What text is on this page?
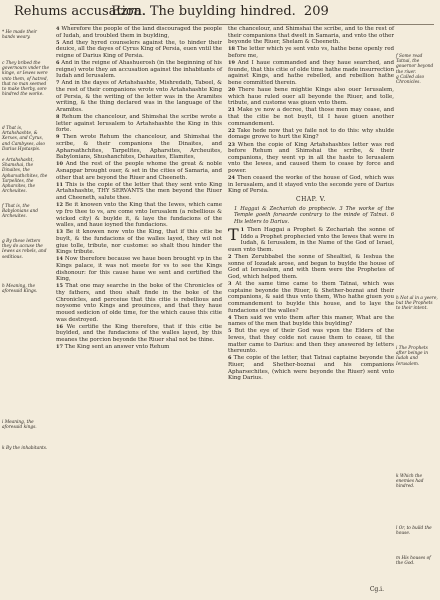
Rehums accusation.
Ezra. The buylding hindred. 209
* He made their hands weary.
c They bribed the governours vnder the kinge, or Iewes were vnto them, of hatred, that no man seemed to make therby, sore hindred the worke.
d That is, Artahshashte, & Xerxes, and Cyrus, and Cambyses, also Darius Hystaspis.
e Artahshasht, Shamshai, the Dinaites, the Apharsathchites, the Tarpelites, the Apharsites, the Archeuites.
f That is, the Babylonians and Archeuites.
g By these letters they do accuse the Iewes as rebels, and seditious.
h Meaning, the aforesaid Kings.
i Meaning, the aforesaid kings.
k By the inhabitants.
f Some read Tatnai, the gouernor beyond the riuer.
g Called also Chronicles.
h Not al in a yeere, but the Prophets to their intent.
i The Prophets after beinge in Iudah and Ierusalem.
k Which the enemies had hindred.
l Or, to build the house.
m His houses of the God.
4 Wherefore the people of the land discouraged the people of Iudah, and troubled them in buylding,
5 And they hyred counselers against the, to hinder their deuice, all the dayes of Cyrus King of Persia, euen vntil the reigne of Darius King of Persia.
6 And in the reigne of Ahashuerosh (in the beginning of his reigne) wrote they an accusation against the inhabitants of Iudah and Ierusalem.
7 And in the dayes of Artahshashte, Mishredath, Tabeel, & the rest of their companions wrote vnto Artahshashte King of Persia, & the writing of the letter was in the Aramites writing, & the thing declared was in the language of the Aramites.
8 Rehum the chancelour, and Shimshai the scribe wrote a letter against Ierusalem to Artahshashte the King in this forte.
9 Then wrote Rehum the chancelour, and Shimshai the scribe, & their companions the Dinaites, and Apharsathchites, Tarpelites, Apharsites, Archeuites, Babylonians, Shushanchites, Dehauites, Elamites,
10 And the rest of the people whome the great & noble Asnappar brought ouer, & set in the cities of Samaria, and other that are beyond the Riuer and Cheeneth.
11 This is the copie of the letter that they sent vnto King Artahshashte, THY SERVANTS the men beyond the Riuer and Cheeneth, salute thee.
12 Be it knowen vnto the King that the Iewes, which came vp fro thee to vs, are come vnto Ierusalem (a rebellious & wicked city) & buylde it, & laye the fundacions of the walles, and haue ioyned the fundacions.
13 Be it knowen now vnto the King, that if this citie be buylt, & the fundacions of the walles layed, they wil not giue tolle, tribute, nor custome: so shalt thou hinder the Kings tribute.
14 Now therefore because we haue been brought vp in the Kings palace, it was not meete for vs to see the Kings dishonour: for this cause haue we sent and certified the King,
15 That one may searche in the boke of the Chronicles of thy fathers, and thou shalt finde in the boke of the Chronicles, and perceiue that this citie is rebellious and noysome vnto Kings and prouinces, and that they haue moued sedicion of olde time, for the which cause this citie was destroyed.
16 We certifie the King therefore, that if this citie be buylded, and the fundacions of the walles layed, by this meanes the porcion beyonde the Riuer shal not be thine.
17 The King sent an answer vnto Rehum
the chancelour, and Shimshai the scribe, and to the rest of their companions that dwelt in Samaria, and vnto the other beyonde the Riuer, Shelam & Cheeneth.
18 The letter which ye sent vnto vs, hathe bene openly red before me,
19 And I haue commanded and they haue searched, and founde, that this citie of olde time hathe made insurrection against Kings, and hathe rebelled, and rebellion hathe bene committed therein.
20 There haue bene mightie Kings also ouer Ierusalem, which haue ruled ouer all beyonde the Riuer, and tolle, tribute, and custome was giuen vnto them.
21 Make ye now a decree, that those men may cease, and that the citie be not buylt, til I haue giuen another commandement.
22 Take hede now that ye faile not to do this: why shulde domage growe to hurt the King?
23 When the copie of King Artahshashtes letter was red before Rehum and Shimshai the scribe, & their companions, they went vp in all the haste to Ierusalem vnto the Iewes, and caused them to cease by force and power.
24 Then ceased the worke of the house of God, which was in Ierusalem, and it stayed vnto the seconde yere of Darius King of Persia.
CHAP. V.
1 Haggai & Zechariah do prophecie. 3 The worke of the Temple goeth forwarde contrary to the minde of Tatnai. 6 His letters to Darius.
T 1 Then Haggai a Prophet & Zechariah the sonne of Iddo a Prophet prophecied vnto the Iewes that were in Iudah, & Ierusalem, in the Name of the God of Israel, euen vnto them.
2 Then Zerubbabel the sonne of Shealtiel, & Ieshua the sonne of Iozadak arose, and began to buylde the house of God at Ierusalem, and with them were the Prophetes of God, which helped them.
3 At the same time came to them Tatnai, which was captaine beyonde the Riuer, & Shether-boznai and their companions, & said thus vnto them, Who hathe giuen you commandement to buylde this house, and to laye the fundacions of the walles?
4 Then said we vnto them after this maner, What are the names of the men that buylde this buylding?
5 But the eye of their God was vpon the Elders of the Iewes, that they colde not cause them to cease, til the matter came to Darius: and then they answered by letters thereunto.
6 The copie of the letter, that Tatnai captaine beyonde the Riuer, and Shether-boznai and his companions Apharsechites, (which were beyonde the Riuer) sent vnto King Darius.
Cg.i.
